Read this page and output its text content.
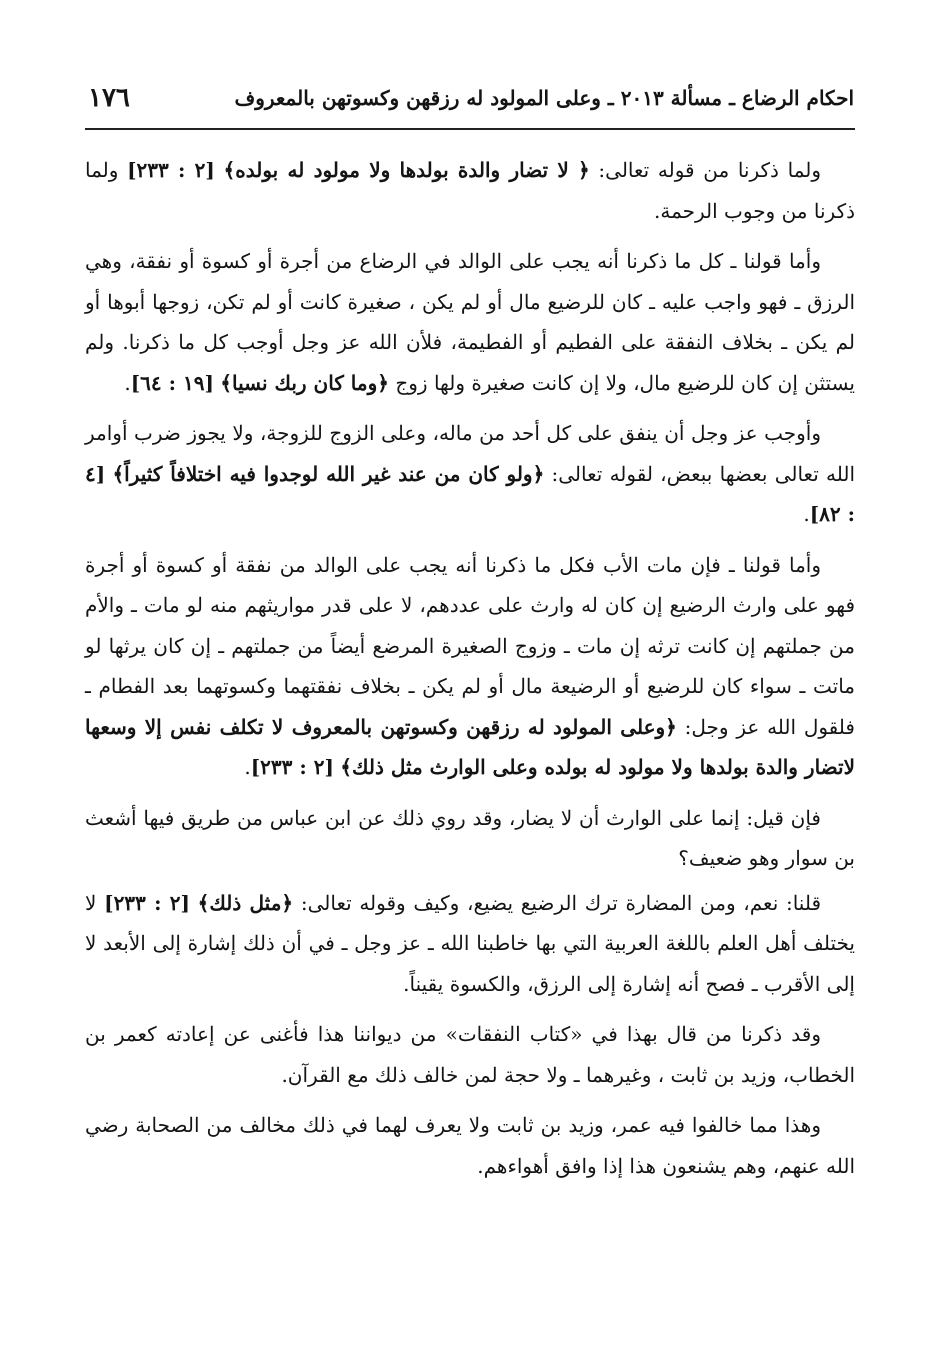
١٧٦	احكام الرضاع ـ مسألة ٢٠١٣ ـ وعلى المولود له رزقهن وكسوتهن بالمعروف

ولما ذكرنا من قوله تعالى: ﴿ لا تضار والدة بولدها ولا مولود له بولده﴾ [٢ : ٢٣٣] ولما ذكرنا من وجوب الرحمة.

وأما قولنا ـ كل ما ذكرنا أنه يجب على الوالد في الرضاع من أجرة أو كسوة أو نفقة، وهي الرزق ـ فهو واجب عليه ـ كان للرضيع مال أو لم يكن ، صغيرة كانت أو لم تكن، زوجها أبوها أو لم يكن ـ بخلاف النفقة على الفطيم أو الفطيمة، فلأن الله عز وجل أوجب كل ما ذكرنا. ولم يستثن إن كان للرضيع مال، ولا إن كانت صغيرة ولها زوج ﴿وما كان ربك نسيا﴾ [١٩ : ٦٤].

وأوجب عز وجل أن ينفق على كل أحد من ماله، وعلى الزوج للزوجة، ولا يجوز ضرب أوامر الله تعالى بعضها ببعض، لقوله تعالى: ﴿ولو كان من عند غير الله لوجدوا فيه اختلافاً كثيراً﴾ [٤ : ٨٢].

وأما قولنا ـ فإن مات الأب فكل ما ذكرنا أنه يجب على الوالد من نفقة أو كسوة أو أجرة فهو على وارث الرضيع إن كان له وارث على عددهم، لا على قدر مواريثهم منه لو مات ـ والأم من جملتهم إن كانت ترثه إن مات ـ وزوج الصغيرة المرضع أيضاً من جملتهم ـ إن كان يرثها لو ماتت ـ سواء كان للرضيع أو الرضيعة مال أو لم يكن ـ بخلاف نفقتهما وكسوتهما بعد الفطام ـ فلقول الله عز وجل: ﴿وعلى المولود له رزقهن وكسوتهن بالمعروف لا تكلف نفس إلا وسعها لاتضار والدة بولدها ولا مولود له بولده وعلى الوارث مثل ذلك﴾ [٢ : ٢٣٣].

فإن قيل: إنما على الوارث أن لا يضار، وقد روي ذلك عن ابن عباس من طريق فيها أشعث بن سوار وهو ضعيف؟

قلنا: نعم، ومن المضارة ترك الرضيع يضيع، وكيف وقوله تعالى: ﴿مثل ذلك﴾ [٢ : ٢٣٣] لا يختلف أهل العلم باللغة العربية التي بها خاطبنا الله ـ عز وجل ـ في أن ذلك إشارة إلى الأبعد لا إلى الأقرب ـ فصح أنه إشارة إلى الرزق، والكسوة يقيناً.

وقد ذكرنا من قال بهذا في «كتاب النفقات» من ديواننا هذا فأغنى عن إعادته كعمر بن الخطاب، وزيد بن ثابت ، وغيرهما ـ ولا حجة لمن خالف ذلك مع القرآن.

وهذا مما خالفوا فيه عمر، وزيد بن ثابت ولا يعرف لهما في ذلك مخالف من الصحابة رضي الله عنهم، وهم يشنعون هذا إذا وافق أهواءهم.
